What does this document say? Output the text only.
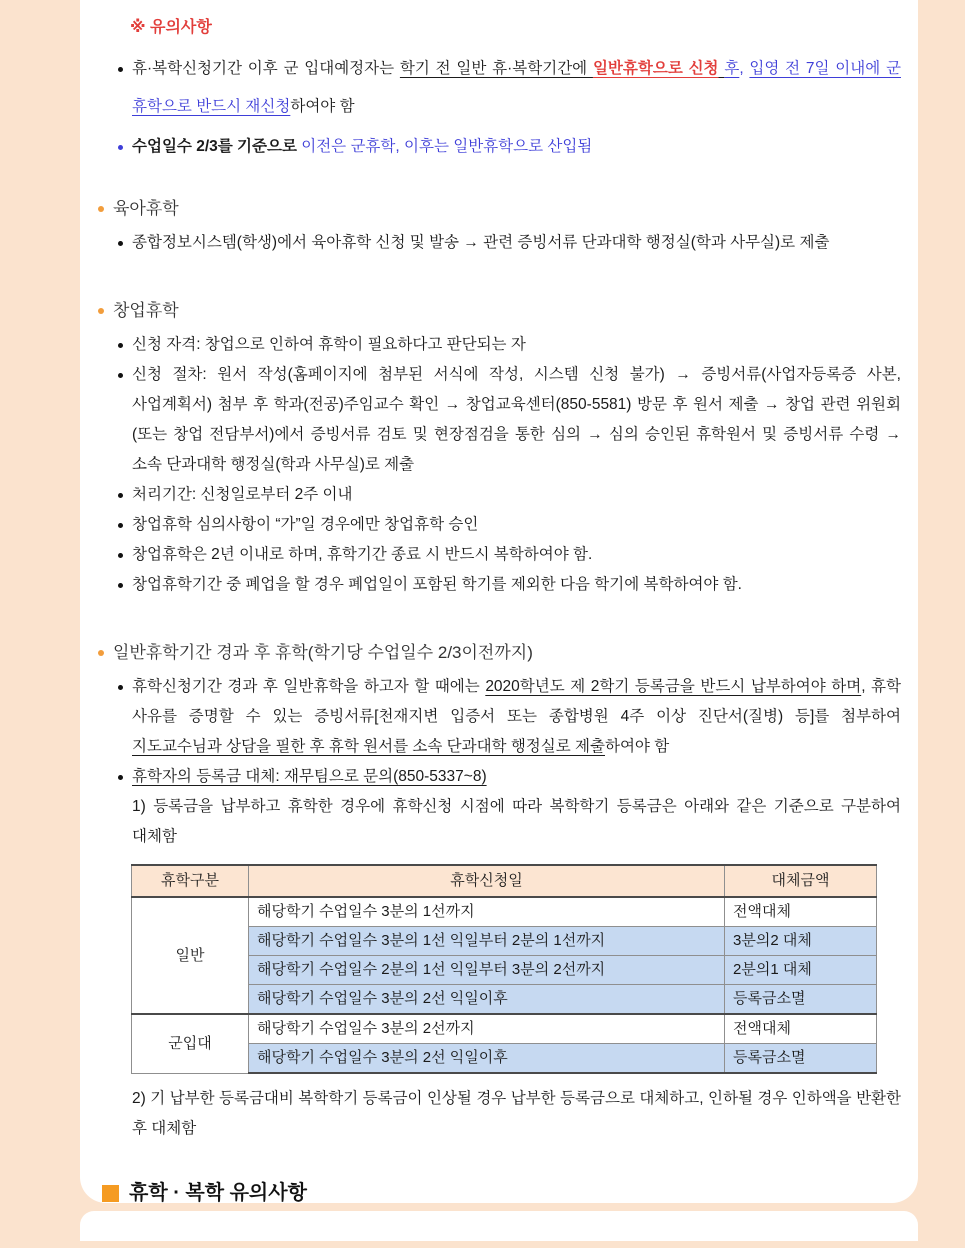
※ 유의사항
휴·복학신청기간 이후 군 입대예정자는 학기 전 일반 휴·복학기간에 일반휴학으로 신청 후, 입영 전 7일 이내에 군 휴학으로 반드시 재신청하여야 함
수업일수 2/3를 기준으로 이전은 군휴학, 이후는 일반휴학으로 산입됨
육아휴학
종합정보시스템(학생)에서 육아휴학 신청 및 발송 → 관련 증빙서류 단과대학 행정실(학과 사무실)로 제출
창업휴학
신청 자격: 창업으로 인하여 휴학이 필요하다고 판단되는 자
신청 절차: 원서 작성(홈페이지에 첨부된 서식에 작성, 시스템 신청 불가) → 증빙서류(사업자등록증 사본, 사업계획서) 첨부 후 학과(전공)주임교수 확인 → 창업교육센터(850-5581) 방문 후 원서 제출 → 창업 관련 위원회(또는 창업 전담부서)에서 증빙서류 검토 및 현장점검을 통한 심의 → 심의 승인된 휴학원서 및 증빙서류 수령 → 소속 단과대학 행정실(학과 사무실)로 제출
처리기간: 신청일로부터 2주 이내
창업휴학 심의사항이 “가”일 경우에만 창업휴학 승인
창업휴학은 2년 이내로 하며, 휴학기간 종료 시 반드시 복학하여야 함.
창업휴학기간 중 폐업을 할 경우 폐업일이 포함된 학기를 제외한 다음 학기에 복학하여야 함.
일반휴학기간 경과 후 휴학(학기당 수업일수 2/3이전까지)
휴학신청기간 경과 후 일반휴학을 하고자 할 때에는 2020학년도 제 2학기 등록금을 반드시 납부하여야 하며, 휴학 사유를 증명할 수 있는 증빙서류[천재지변 입증서 또는 종합병원 4주 이상 진단서(질병) 등]를 첨부하여 지도교수님과 상담을 필한 후 휴학 원서를 소속 단과대학 행정실로 제출하여야 함
휴학자의 등록금 대체: 재무팀으로 문의(850-5337~8)
1) 등록금을 납부하고 휴학한 경우에 휴학신청 시점에 따라 복학학기 등록금은 아래와 같은 기준으로 구분하여 대체함
휴학구분	휴학신청일	대체금액
일반	해당학기 수업일수 3분의 1선까지	전액대체
	해당학기 수업일수 3분의 1선 익일부터 2분의 1선까지	3분의2 대체
	해당학기 수업일수 2분의 1선 익일부터 3분의 2선까지	2분의1 대체
	해당학기 수업일수 3분의 2선 익일이후	등록금소멸
군입대	해당학기 수업일수 3분의 2선까지	전액대체
	해당학기 수업일수 3분의 2선 익일이후	등록금소멸
2) 기 납부한 등록금대비 복학학기 등록금이 인상될 경우 납부한 등록금으로 대체하고, 인하될 경우 인하액을 반환한 후 대체함
휴학 · 복학 유의사항
